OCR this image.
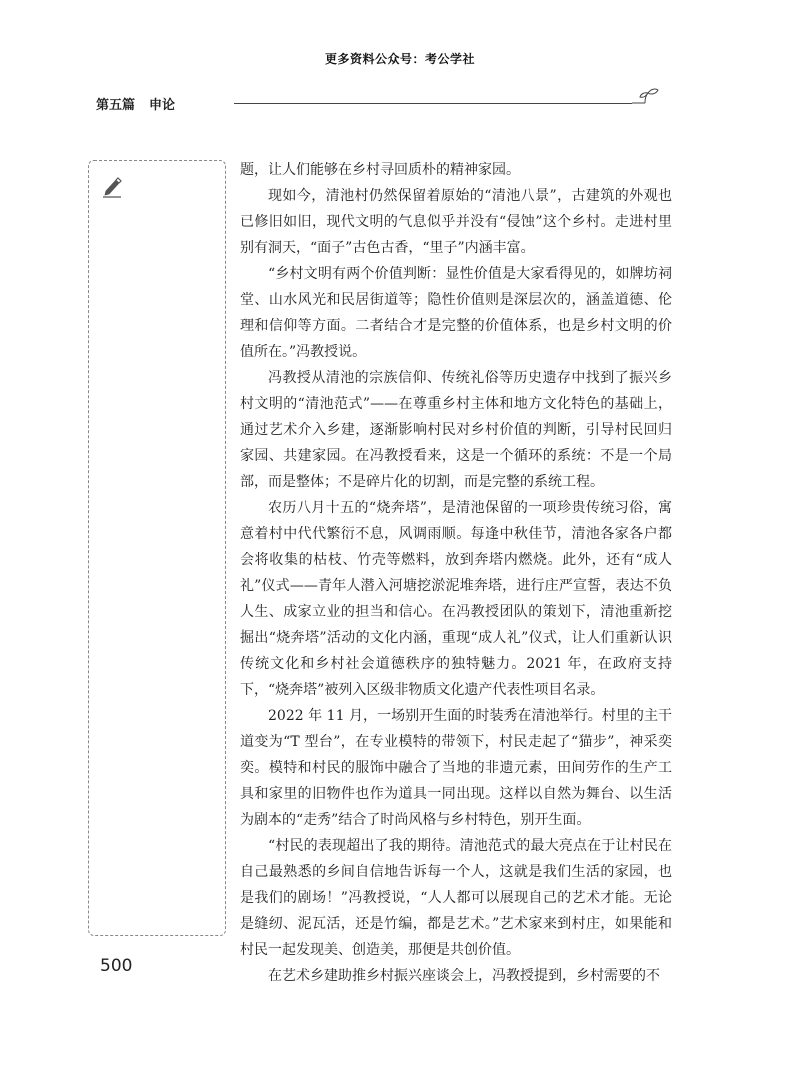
更多资料公众号：考公学社
第五篇 申论

题，让人们能够在乡村寻回质朴的精神家园。

现如今，清池村仍然保留着原始的“清池八景”，古建筑的外观也已修旧如旧，现代文明的气息似乎并没有“侵蚀”这个乡村。走进村里别有洞天，“面子”古色古香，“里子”内涵丰富。

“乡村文明有两个价值判断：显性价值是大家看得见的，如牌坊祠堂、山水风光和民居街道等；隐性价值则是深层次的，涵盖道德、伦理和信仰等方面。二者结合才是完整的价值体系，也是乡村文明的价值所在。”冯教授说。

冯教授从清池的宗族信仰、传统礼俗等历史遗存中找到了振兴乡村文明的“清池范式”——在尊重乡村主体和地方文化特色的基础上，通过艺术介入乡建，逐渐影响村民对乡村价值的判断，引导村民回归家园、共建家园。在冯教授看来，这是一个循环的系统：不是一个局部，而是整体；不是碎片化的切割，而是完整的系统工程。

农历八月十五的“烧奔塔”，是清池保留的一项珍贵传统习俗，寓意着村中代代繁衍不息，风调雨顺。每逢中秋佳节，清池各家各户都会将收集的枯枝、竹壳等燃料，放到奔塔内燃烧。此外，还有“成人礼”仪式——青年人潜入河塘挖淤泥堆奔塔，进行庄严宣誓，表达不负人生、成家立业的担当和信心。在冯教授团队的策划下，清池重新挖掘出“烧奔塔”活动的文化内涵，重现“成人礼”仪式，让人们重新认识传统文化和乡村社会道德秩序的独特魅力。2021 年，在政府支持下，“烧奔塔”被列入区级非物质文化遗产代表性项目名录。

2022 年 11 月，一场别开生面的时装秀在清池举行。村里的主干道变为“T 型台”，在专业模特的带领下，村民走起了“猫步”，神采奕奕。模特和村民的服饰中融合了当地的非遗元素，田间劳作的生产工具和家里的旧物件也作为道具一同出现。这样以自然为舞台、以生活为剧本的“走秀”结合了时尚风格与乡村特色，别开生面。

“村民的表现超出了我的期待。清池范式的最大亮点在于让村民在自己最熟悉的乡间自信地告诉每一个人，这就是我们生活的家园，也是我们的剧场！”冯教授说，“人人都可以展现自己的艺术才能。无论是缝纫、泥瓦活，还是竹编，都是艺术。”艺术家来到村庄，如果能和村民一起发现美、创造美，那便是共创价值。

在艺术乡建助推乡村振兴座谈会上，冯教授提到，乡村需要的不

500
